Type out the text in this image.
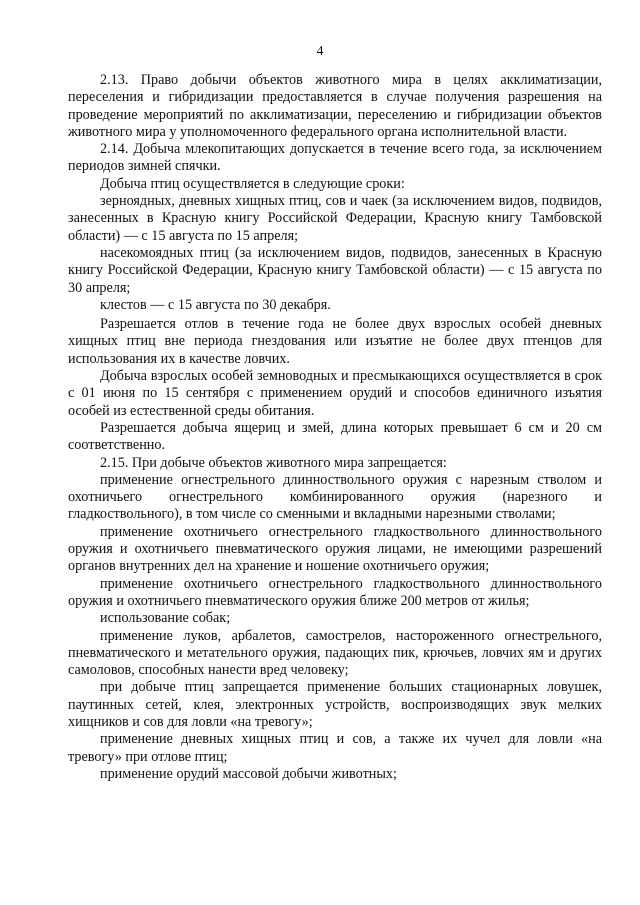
4

2.13. Право добычи объектов животного мира в целях акклиматизации, переселения и гибридизации предоставляется в случае получения разрешения на проведение мероприятий по акклиматизации, переселению и гибридизации объектов животного мира у уполномоченного федерального органа исполнительной власти.

2.14. Добыча млекопитающих допускается в течение всего года, за исключением периодов зимней спячки.

Добыча птиц осуществляется в следующие сроки:

зерноядных, дневных хищных птиц, сов и чаек (за исключением видов, подвидов, занесенных в Красную книгу Российской Федерации, Красную книгу Тамбовской области) — с 15 августа по 15 апреля;

насекомоядных птиц (за исключением видов, подвидов, занесенных в Красную книгу Российской Федерации, Красную книгу Тамбовской области) — с 15 августа по 30 апреля;

клестов — с 15 августа по 30 декабря.

Разрешается отлов в течение года не более двух взрослых особей дневных хищных птиц вне периода гнездования или изъятие не более двух птенцов для использования их в качестве ловчих.

Добыча взрослых особей земноводных и пресмыкающихся осуществляется в срок с 01 июня по 15 сентября с применением орудий и способов единичного изъятия особей из естественной среды обитания.

Разрешается добыча ящериц и змей, длина которых превышает 6 см и 20 см соответственно.

2.15. При добыче объектов животного мира запрещается:

применение огнестрельного длинноствольного оружия с нарезным стволом и охотничьего огнестрельного комбинированного оружия (нарезного и гладкоствольного), в том числе со сменными и вкладными нарезными стволами;

применение охотничьего огнестрельного гладкоствольного длинноствольного оружия и охотничьего пневматического оружия лицами, не имеющими разрешений органов внутренних дел на хранение и ношение охотничьего оружия;

применение охотничьего огнестрельного гладкоствольного длинноствольного оружия и охотничьего пневматического оружия ближе 200 метров от жилья;

использование собак;

применение луков, арбалетов, самострелов, настороженного огнестрельного, пневматического и метательного оружия, падающих пик, крючьев, ловчих ям и других самоловов, способных нанести вред человеку;

при добыче птиц запрещается применение больших стационарных ловушек, паутинных сетей, клея, электронных устройств, воспроизводящих звук мелких хищников и сов для ловли «на тревогу»;

применение дневных хищных птиц и сов, а также их чучел для ловли «на тревогу» при отлове птиц;

применение орудий массовой добычи животных;
